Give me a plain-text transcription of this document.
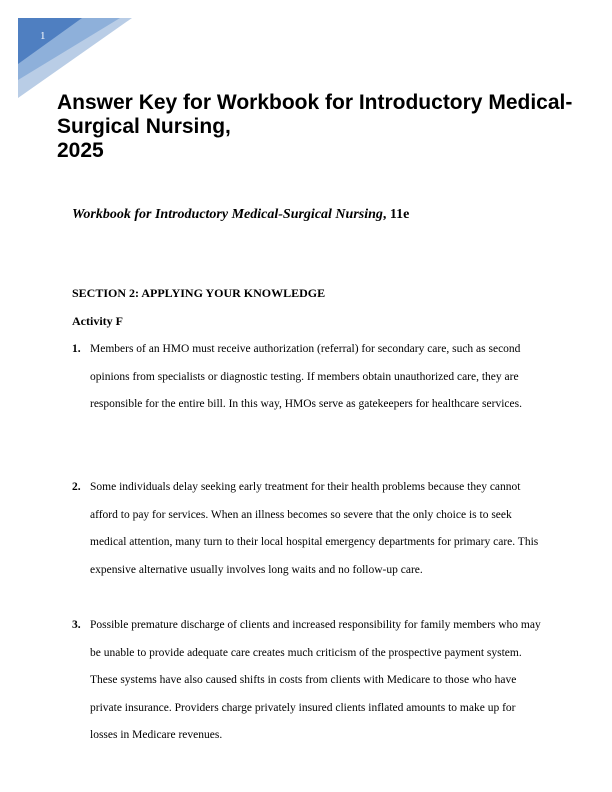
1
Answer Key for Workbook for Introductory Medical-Surgical Nursing,
2025
Workbook for Introductory Medical-Surgical Nursing, 11e
SECTION 2: APPLYING YOUR KNOWLEDGE
Activity F
1. Members of an HMO must receive authorization (referral) for secondary care, such as second opinions from specialists or diagnostic testing. If members obtain unauthorized care, they are responsible for the entire bill. In this way, HMOs serve as gatekeepers for healthcare services.
2. Some individuals delay seeking early treatment for their health problems because they cannot afford to pay for services. When an illness becomes so severe that the only choice is to seek medical attention, many turn to their local hospital emergency departments for primary care. This expensive alternative usually involves long waits and no follow-up care.
3. Possible premature discharge of clients and increased responsibility for family members who may be unable to provide adequate care creates much criticism of the prospective payment system. These systems have also caused shifts in costs from clients with Medicare to those who have private insurance. Providers charge privately insured clients inflated amounts to make up for losses in Medicare revenues.
